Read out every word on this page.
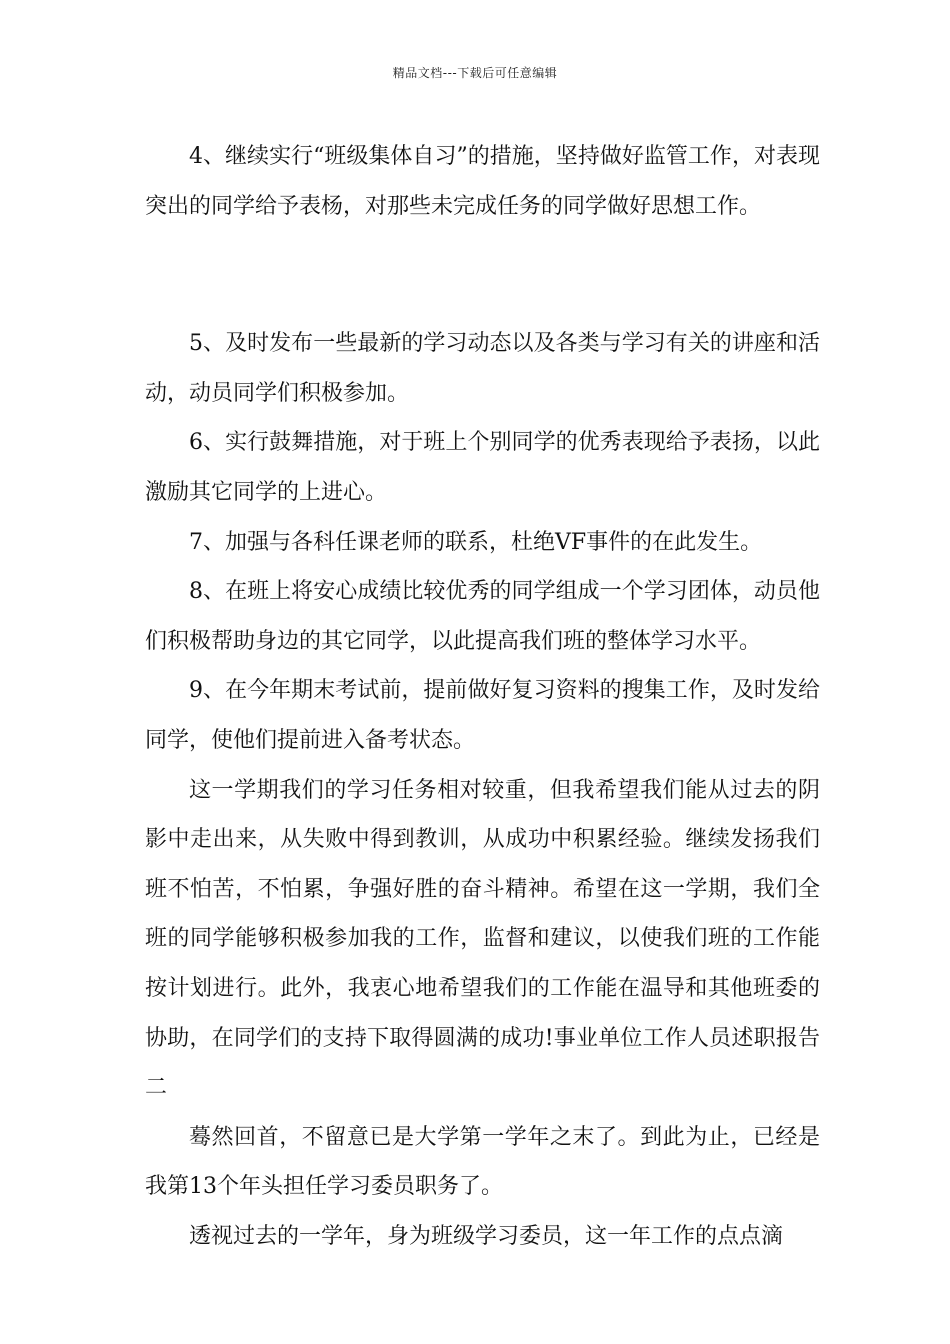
精品文档---下载后可任意编辑

4、继续实行“班级集体自习”的措施，坚持做好监管工作，对表现突出的同学给予表杨，对那些未完成任务的同学做好思想工作。

5、及时发布一些最新的学习动态以及各类与学习有关的讲座和活动，动员同学们积极参加。

6、实行鼓舞措施，对于班上个别同学的优秀表现给予表扬，以此激励其它同学的上进心。

7、加强与各科任课老师的联系，杜绝VF事件的在此发生。

8、在班上将安心成绩比较优秀的同学组成一个学习团体，动员他们积极帮助身边的其它同学，以此提高我们班的整体学习水平。

9、在今年期末考试前，提前做好复习资料的搜集工作，及时发给同学，使他们提前进入备考状态。

这一学期我们的学习任务相对较重，但我希望我们能从过去的阴影中走出来，从失败中得到教训，从成功中积累经验。继续发扬我们班不怕苦，不怕累，争强好胜的奋斗精神。希望在这一学期，我们全班的同学能够积极参加我的工作，监督和建议，以使我们班的工作能按计划进行。此外，我衷心地希望我们的工作能在温导和其他班委的协助，在同学们的支持下取得圆满的成功!事业单位工作人员述职报告二

蓦然回首，不留意已是大学第一学年之末了。到此为止，已经是我第13个年头担任学习委员职务了。

透视过去的一学年，身为班级学习委员，这一年工作的点点滴
